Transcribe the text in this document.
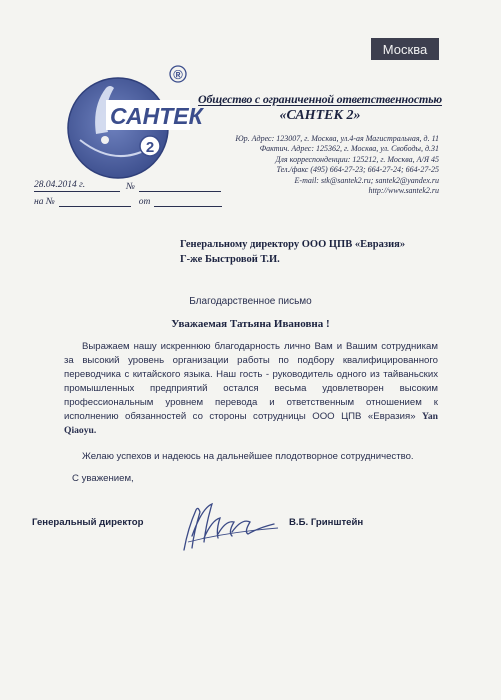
Москва
САНТЕК
2
®
Общество с ограниченной ответственностью
«САНТЕК 2»
Юр. Адрес: 123007, г. Москва, ул.4-ая Магистральная, д. 11
Фактич. Адрес: 125362, г. Москва, ул. Свободы, д.31
Для корреспонденции: 125212, г. Москва, А/Я 45
Тел./факс (495) 664-27-23; 664-27-24; 664-27-25
E-mail: stk@santek2.ru; santek2@yandex.ru
http://www.santek2.ru
28.04.2014 г.	№
на №	от
Генеральному директору ООО ЦПВ «Евразия»
Г-же Быстровой Т.И.
Благодарственное письмо
Уважаемая Татьяна Ивановна !
Выражаем нашу искреннюю благодарность лично Вам и Вашим сотрудникам за высокий уровень организации работы по подбору квалифицированного переводчика с китайского языка. Наш гость - руководитель одного из тайваньских промышленных предприятий остался весьма удовлетворен высоким профессиональным уровнем перевода и ответственным отношением к исполнению обязанностей со стороны сотрудницы ООО ЦПВ «Евразия» Yan Qiaoyu.
Желаю успехов и надеюсь на дальнейшее плодотворное сотрудничество.
С уважением,
Генеральный директор	В.Б. Гринштейн
